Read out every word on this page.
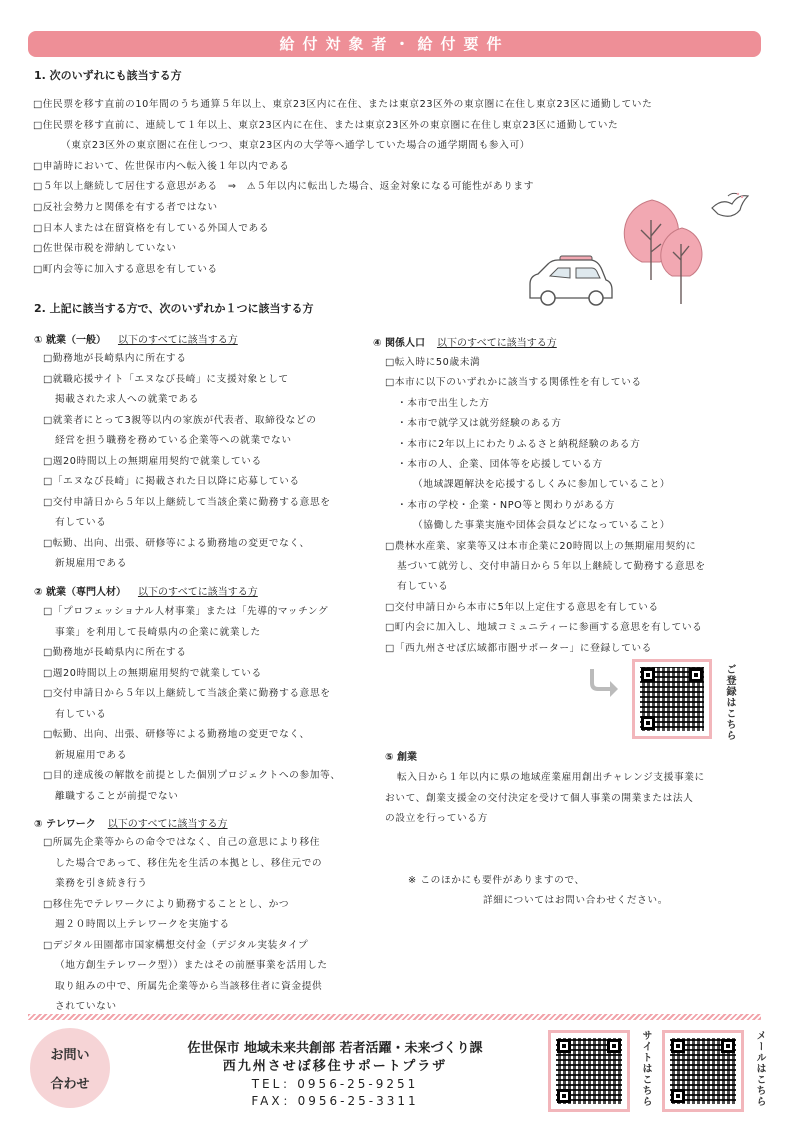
給付対象者・給付要件
1. 次のいずれにも該当する方
□住民票を移す直前の10年間のうち通算５年以上、東京23区内に在住、または東京23区外の東京圏に在住し東京23区に通勤していた
□住民票を移す直前に、連続して１年以上、東京23区内に在住、または東京23区外の東京圏に在住し東京23区に通勤していた
（東京23区外の東京圏に在住しつつ、東京23区内の大学等へ通学していた場合の通学期間も参入可）
□申請時において、佐世保市内へ転入後１年以内である
□５年以上継続して居住する意思がある　⇒　⚠５年以内に転出した場合、返金対象になる可能性があります
□反社会勢力と関係を有する者ではない
□日本人または在留資格を有している外国人である
□佐世保市税を滞納していない
□町内会等に加入する意思を有している
2. 上記に該当する方で、次のいずれか１つに該当する方
① 就業（一般） 以下のすべてに該当する方
□勤務地が長崎県内に所在する
□就職応援サイト「エヌなび長崎」に支援対象として
掲載された求人への就業である
□就業者にとって3親等以内の家族が代表者、取締役などの
経営を担う職務を務めている企業等への就業でない
□週20時間以上の無期雇用契約で就業している
□「エヌなび長崎」に掲載された日以降に応募している
□交付申請日から５年以上継続して当該企業に勤務する意思を
有している
□転勤、出向、出張、研修等による勤務地の変更でなく、
新規雇用である
② 就業（専門人材） 以下のすべてに該当する方
□「プロフェッショナル人材事業」または「先導的マッチング
事業」を利用して長崎県内の企業に就業した
□勤務地が長崎県内に所在する
□週20時間以上の無期雇用契約で就業している
□交付申請日から５年以上継続して当該企業に勤務する意思を
有している
□転勤、出向、出張、研修等による勤務地の変更でなく、
新規雇用である
□目的達成後の解散を前提とした個別プロジェクトへの参加等、
離職することが前提でない
③ テレワーク 以下のすべてに該当する方
□所属先企業等からの命令ではなく、自己の意思により移住
した場合であって、移住先を生活の本拠とし、移住元での
業務を引き続き行う
□移住先でテレワークにより勤務することとし、かつ
週２０時間以上テレワークを実施する
□デジタル田園都市国家構想交付金（デジタル実装タイプ
（地方創生テレワーク型））またはその前歴事業を活用した
取り組みの中で、所属先企業等から当該移住者に資金提供
されていない
④ 関係人口 以下のすべてに該当する方
□転入時に50歳未満
□本市に以下のいずれかに該当する関係性を有している
・本市で出生した方
・本市で就学又は就労経験のある方
・本市に2年以上にわたりふるさと納税経験のある方
・本市の人、企業、団体等を応援している方
（地域課題解決を応援するしくみに参加していること）
・本市の学校・企業・NPO等と関わりがある方
（協働した事業実施や団体会員などになっていること）
□農林水産業、家業等又は本市企業に20時間以上の無期雇用契約に
基づいて就労し、交付申請日から５年以上継続して勤務する意思を
有している
□交付申請日から本市に5年以上定住する意思を有している
□町内会に加入し、地域コミュニティーに参画する意思を有している
□「西九州させぼ広域都市圏サポーター」に登録している
ご登録はこちら
⑤ 創業
転入日から１年以内に県の地域産業雇用創出チャレンジ支援事業に
おいて、創業支援金の交付決定を受けて個人事業の開業または法人
の設立を行っている方
※ このほかにも要件がありますので、
詳細についてはお問い合わせください。
お問い
合わせ
佐世保市 地域未来共創部 若者活躍・未来づくり課
西九州させぼ移住サポートプラザ
TEL：0956-25-9251
FAX：0956-25-3311	サイトはこちら	メールはこちら
